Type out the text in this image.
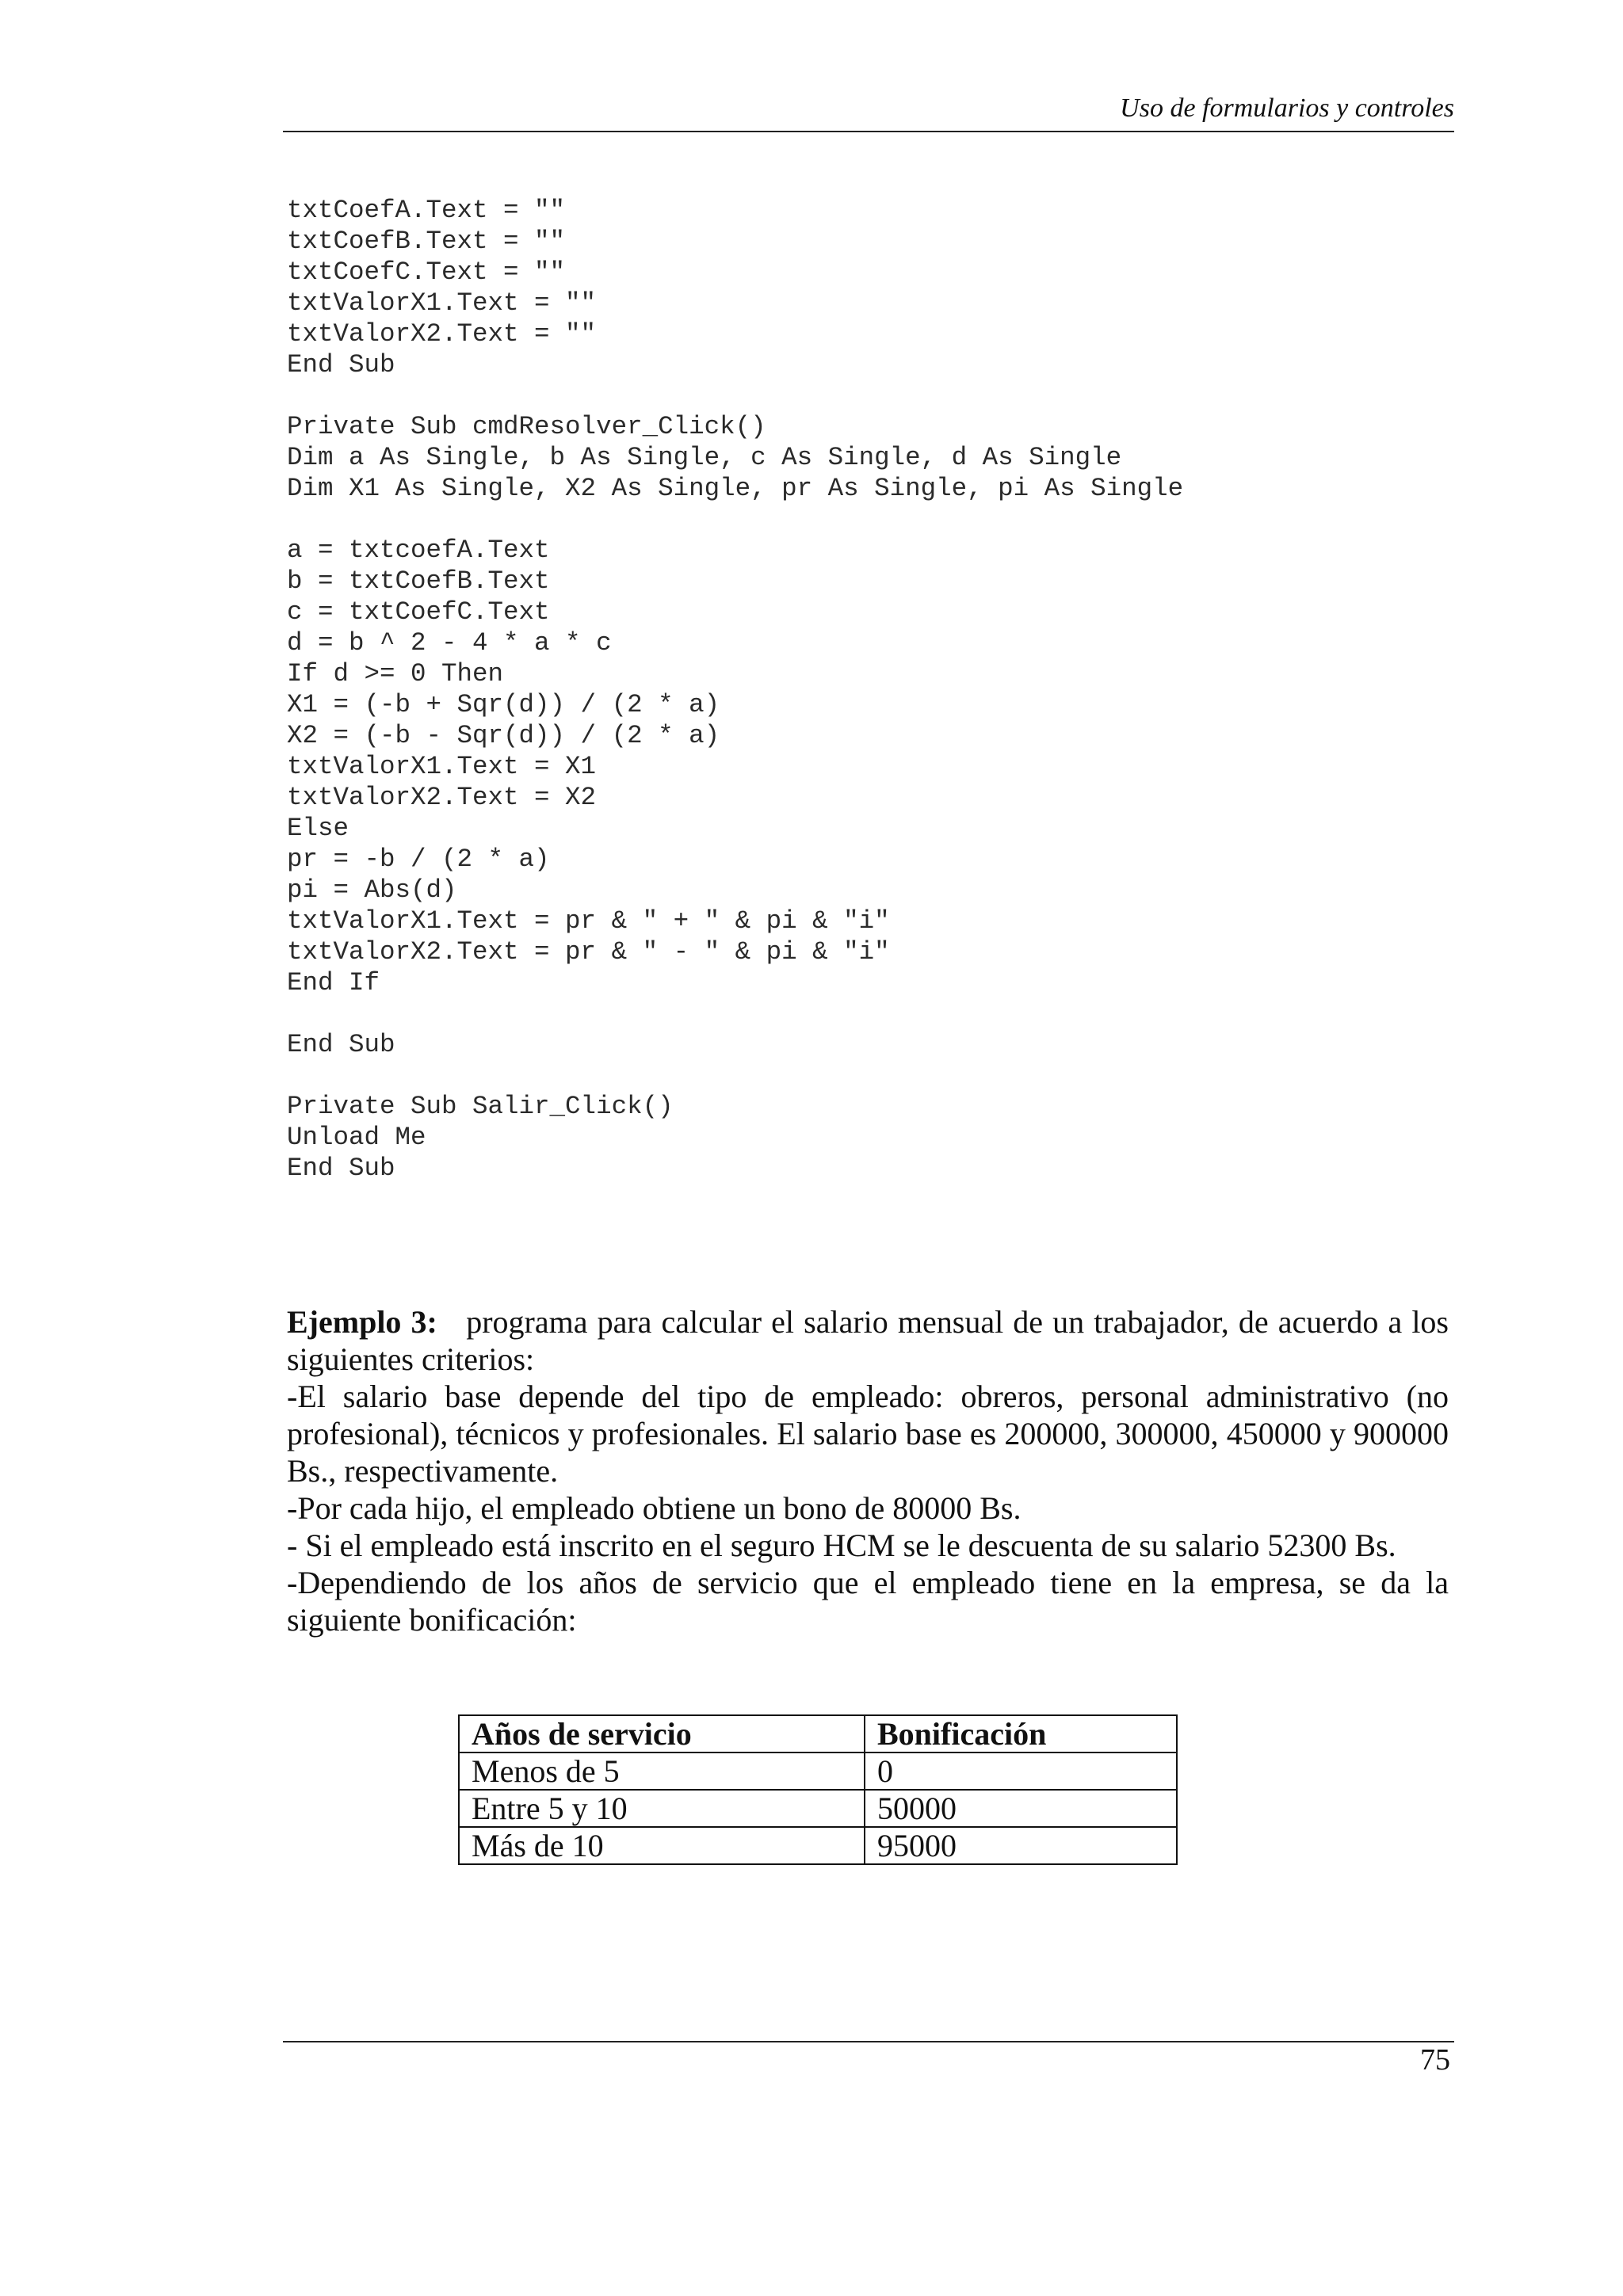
Uso de formularios y controles
txtCoefA.Text = ""
txtCoefB.Text = ""
txtCoefC.Text = ""
txtValorX1.Text = ""
txtValorX2.Text = ""
End Sub
Private Sub cmdResolver_Click()
Dim a As Single, b As Single, c As Single, d As Single
Dim X1 As Single, X2 As Single, pr As Single, pi As Single
a = txtcoefA.Text
b = txtCoefB.Text
c = txtCoefC.Text
d = b ^ 2 - 4 * a * c
If d >= 0 Then
X1 = (-b + Sqr(d)) / (2 * a)
X2 = (-b - Sqr(d)) / (2 * a)
txtValorX1.Text = X1
txtValorX2.Text = X2
Else
pr = -b / (2 * a)
pi = Abs(d)
txtValorX1.Text = pr & " + " & pi & "i"
txtValorX2.Text = pr & " - " & pi & "i"
End If
End Sub
Private Sub Salir_Click()
Unload Me
End Sub

Ejemplo 3: programa para calcular el salario mensual de un trabajador, de acuerdo a los siguientes criterios:

-El salario base depende del tipo de empleado: obreros, personal administrativo (no profesional), técnicos y profesionales. El salario base es 200000, 300000, 450000 y 900000 Bs., respectivamente.

-Por cada hijo, el empleado obtiene un bono de 80000 Bs.

- Si el empleado está inscrito en el seguro HCM se le descuenta de su salario 52300 Bs.

-Dependiendo de los años de servicio que el empleado tiene en la empresa, se da la siguiente bonificación:

Años de servicio	Bonificación
Menos de 5	0
Entre 5 y 10	50000
Más de 10	95000
75
